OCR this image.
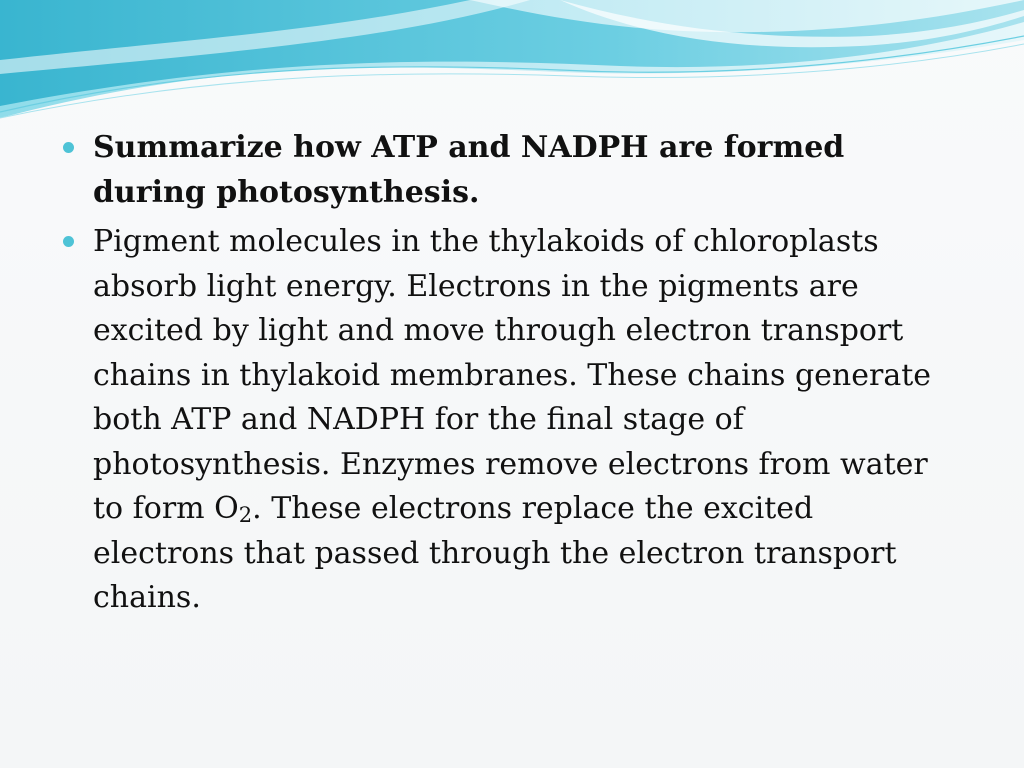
Summarize how ATP and NADPH are formed during photosynthesis.
Pigment molecules in the thylakoids of chloroplasts absorb light energy. Electrons in the pigments are excited by light and move through electron transport chains in thylakoid membranes. These chains generate both ATP and NADPH for the final stage of photosynthesis. Enzymes remove electrons from water to form O2. These electrons replace the excited electrons that passed through the electron transport chains.
